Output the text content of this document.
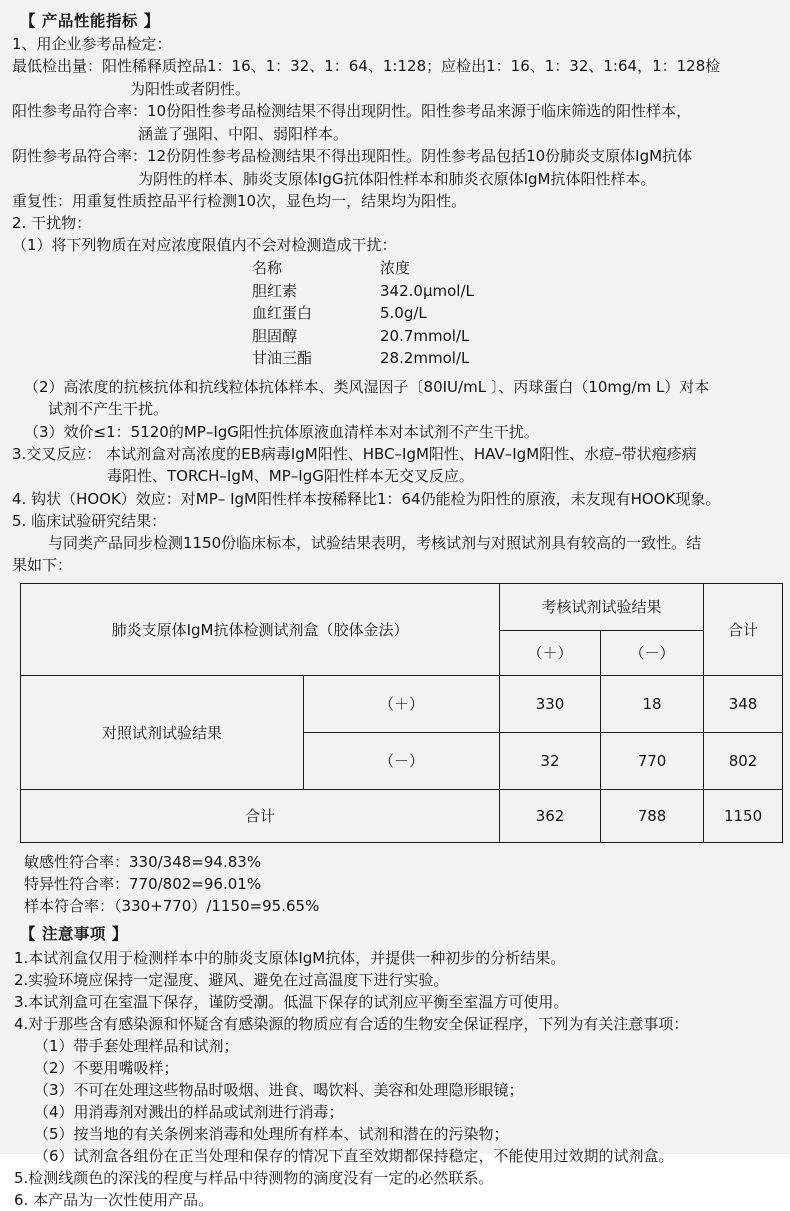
【 产品性能指标 】
1、用企业参考品检定：
最低检出量：阳性稀释质控品1：16、1：32、1：64、1:128；应检出1：16、1：32、1:64，1：128检
为阳性或者阴性。
阳性参考品符合率：10份阳性参考品检测结果不得出现阴性。阳性参考品来源于临床筛选的阳性样本，
涵盖了强阳、中阳、弱阳样本。
阴性参考品符合率：12份阴性参考品检测结果不得出现阳性。阴性参考品包括10份肺炎支原体IgM抗体
为阴性的样本、肺炎支原体IgG抗体阳性样本和肺炎衣原体IgM抗体阳性样本。
重复性：用重复性质控品平行检测10次，显色均一，结果均为阳性。
2. 干扰物：
（1）将下列物质在对应浓度限值内不会对检测造成干扰：
名称	浓度
胆红素	342.0μmol/L
血红蛋白	5.0g/L
胆固醇	20.7mmol/L
甘油三酯	28.2mmol/L
（2）高浓度的抗核抗体和抗线粒体抗体样本、类风湿因子〔80IU/mL 〕、丙球蛋白（10mg/m L）对本
试剂不产生干扰。
（3）效价≤1：5120的MP–IgG阳性抗体原液血清样本对本试剂不产生干扰。
3.交叉反应： 本试剂盒对高浓度的EB病毒IgM阳性、HBC–IgM阳性、HAV–IgM阳性、水痘–带状疱疹病
毒阳性、TORCH–IgM、MP–IgG阳性样本无交叉反应。
4. 钩状（HOOK）效应：对MP– IgM阳性样本按稀释比1：64仍能检为阳性的原液，未友现有HOOK现象。
5. 临床试验研究结果：
与同类产品同步检测1150份临床标本，试验结果表明，考核试剂与对照试剂具有较高的一致性。结
果如下：
肺炎支原体IgM抗体检测试剂盒（胶体金法）		考核试剂试验结果		合计
		（＋）	（－）	
对照试剂试验结果	（＋）	330	18	348
	（－）	32	770	802
合计		362	788	1150
敏感性符合率：330/348=94.83%
特异性符合率：770/802=96.01%
样本符合率：（330+770）/1150=95.65%
【 注意事项 】
1.本试剂盒仅用于检测样本中的肺炎支原体IgM抗体，并提供一种初步的分析结果。
2.实验环境应保持一定湿度、避风、避免在过高温度下进行实验。
3.本试剂盒可在室温下保存，谨防受潮。低温下保存的试剂应平衡至室温方可使用。
4.对于那些含有感染源和怀疑含有感染源的物质应有合适的生物安全保证程序，下列为有关注意事项：
（1）带手套处理样品和试剂；
（2）不要用嘴吸样；
（3）不可在处理这些物品时吸烟、进食、喝饮料、美容和处理隐形眼镜；
（4）用消毒剂对溅出的样品或试剂进行消毒；
（5）按当地的有关条例来消毒和处理所有样本、试剂和潜在的污染物；
（6）试剂盒各组份在正当处理和保存的情况下直至效期都保持稳定，不能使用过效期的试剂盒。
5.检测线颜色的深浅的程度与样品中待测物的滴度没有一定的必然联系。
6. 本产品为一次性使用产品。
